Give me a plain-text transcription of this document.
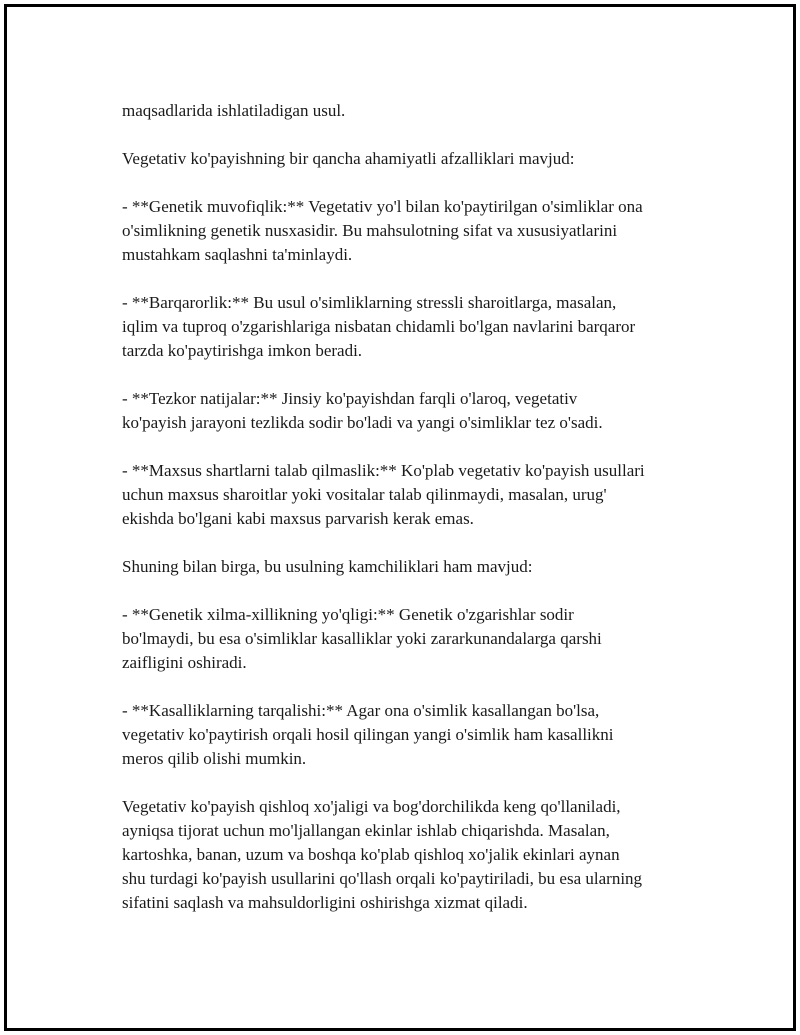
maqsadlarida ishlatiladigan usul.

Vegetativ ko'payishning bir qancha ahamiyatli afzalliklari mavjud:

- **Genetik muvofiqlik:** Vegetativ yo'l bilan ko'paytirilgan o'simliklar ona
o'simlikning genetik nusxasidir. Bu mahsulotning sifat va xususiyatlarini
mustahkam saqlashni ta'minlaydi.

- **Barqarorlik:** Bu usul o'simliklarning stressli sharoitlarga, masalan,
iqlim va tuproq o'zgarishlariga nisbatan chidamli bo'lgan navlarini barqaror
tarzda ko'paytirishga imkon beradi.

- **Tezkor natijalar:** Jinsiy ko'payishdan farqli o'laroq, vegetativ
ko'payish jarayoni tezlikda sodir bo'ladi va yangi o'simliklar tez o'sadi.

- **Maxsus shartlarni talab qilmaslik:** Ko'plab vegetativ ko'payish usullari
uchun maxsus sharoitlar yoki vositalar talab qilinmaydi, masalan, urug'
ekishda bo'lgani kabi maxsus parvarish kerak emas.

Shuning bilan birga, bu usulning kamchiliklari ham mavjud:

- **Genetik xilma-xillikning yo'qligi:** Genetik o'zgarishlar sodir
bo'lmaydi, bu esa o'simliklar kasalliklar yoki zararkunandalarga qarshi
zaifligini oshiradi.

- **Kasalliklarning tarqalishi:** Agar ona o'simlik kasallangan bo'lsa,
vegetativ ko'paytirish orqali hosil qilingan yangi o'simlik ham kasallikni
meros qilib olishi mumkin.

Vegetativ ko'payish qishloq xo'jaligi va bog'dorchilikda keng qo'llaniladi,
ayniqsa tijorat uchun mo'ljallangan ekinlar ishlab chiqarishda. Masalan,
kartoshka, banan, uzum va boshqa ko'plab qishloq xo'jalik ekinlari aynan
shu turdagi ko'payish usullarini qo'llash orqali ko'paytiriladi, bu esa ularning
sifatini saqlash va mahsuldorligini oshirishga xizmat qiladi.
